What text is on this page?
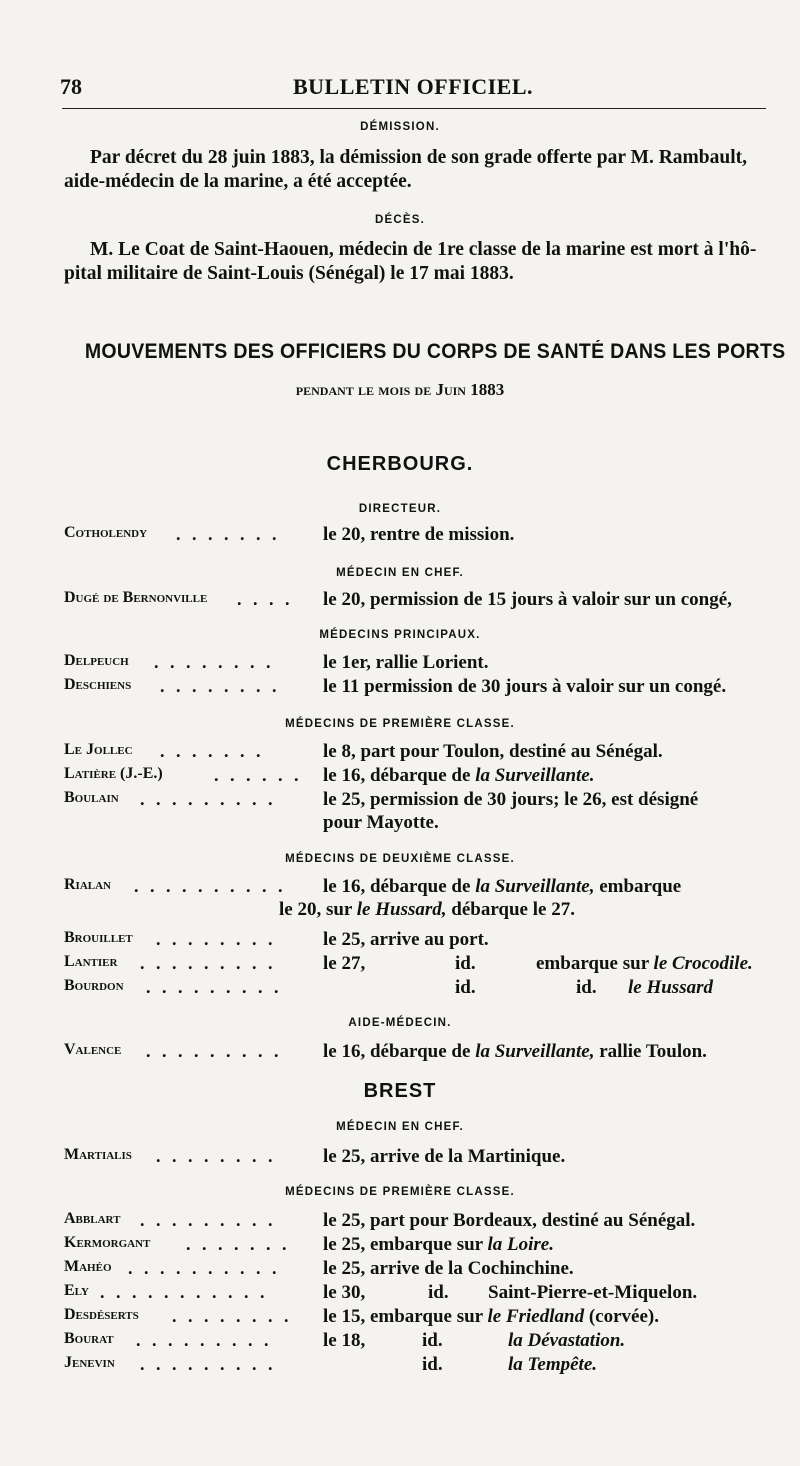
78	BULLETIN OFFICIEL.
DÉMISSION.
Par décret du 28 juin 1883, la démission de son grade offerte par M. Rambault,
aide-médecin de la marine, a été acceptée.
DÉCÈS.
M. Le Coat de Saint-Haouen, médecin de 1re classe de la marine est mort à l'hô-
pital militaire de Saint-Louis (Sénégal) le 17 mai 1883.
MOUVEMENTS DES OFFICIERS DU CORPS DE SANTÉ DANS LES PORTS
pendant le mois de Juin 1883
CHERBOURG.
DIRECTEUR.
Cotholendy . . . . . . . le 20, rentre de mission.
MÉDECIN EN CHEF.
Dugé de Bernonville . . . . le 20, permission de 15 jours à valoir sur un congé,
MÉDECINS PRINCIPAUX.
Delpeuch . . . . . . . .	le 1er, rallie Lorient.
Deschiens . . . . . . . . le 11 permission de 30 jours à valoir sur un congé.
MÉDECINS DE PREMIÈRE CLASSE.
Le Jollec . . . . . . .	le 8, part pour Toulon, destiné au Sénégal.
Latière (J.-E.)	. . . . . . le 16, débarque de la Surveillante.
Boulain . . . . . . . . . le 25, permission de 30 jours; le 26, est désigné
pour Mayotte.
MÉDECINS DE DEUXIÈME CLASSE.
Rialan . . . . . . . . . . le 16, débarque de la Surveillante, embarque
le 20, sur le Hussard, débarque le 27.
Brouillet . . . . . . . . le 25, arrive au port.
Lantier . . . . . . . . . le 27,	id.	embarque sur le Crocodile.
Bourdon . . . . . . . . .	id.	id. le Hussard
AIDE-MÉDECIN.
Valence . . . . . . . . . le 16, débarque de la Surveillante, rallie Toulon.
BREST
MÉDECIN EN CHEF.
Martialis . . . . . . . . le 25, arrive de la Martinique.
MÉDECINS DE PREMIÈRE CLASSE.
Abblart . . . . . . . . . le 25, part pour Bordeaux, destiné au Sénégal.
Kermorgant . . . . . . . le 25, embarque sur la Loire.
Mahéo . . . . . . . . . . le 25, arrive de la Cochinchine.
Ely . . . . . . . . . . .	le 30,	id. Saint-Pierre-et-Miquelon.
Desdéserts . . . . . . . . le 15, embarque sur le Friedland (corvée).
Bourat . . . . . . . . .	le 18,	id.	la Dévastation.
Jenevin . . . . . . . . .	id.	la Tempête.
